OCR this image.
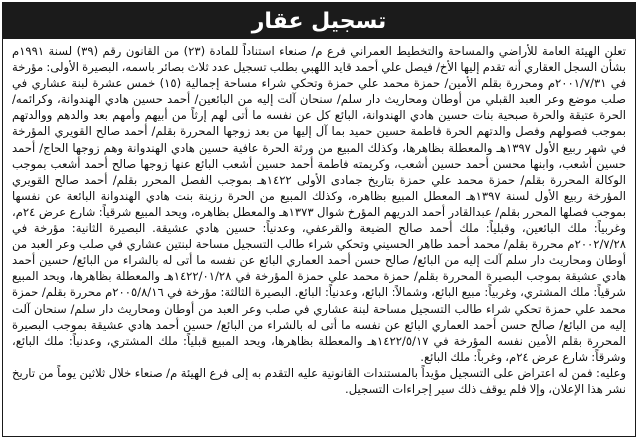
تسجيل عقار

تعلن الهيئة العامة للأراضي والمساحة والتخطيط العمراني فرع م/ صنعاء استناداً للمادة (٢٣) من القانون رقم (٣٩) لسنة ١٩٩١م بشأن السجل العقاري أنه تقدم إليها الأخ/ فيصل علي أحمد قايد اللهبي بطلب تسجيل عدد ثلاث بصائر باسمه، البصيرة الأولى: مؤرخة في ٢٠٠١/٧/٣١م ومحررة بقلم الأمين/ حمزة محمد علي حمزة وتحكي شراء مساحة إجمالية (١٥) خمس عشرة لبنة عشاري في صلب موضع وعر العبد القبلي من أوطان ومحاريث دار سلم/ سنحان آلت إليه من البائعين/ أحمد حسين هادي الهندوانة، وكرائمه/ الحرة عتيقة والحرة صبحية بنات حسين هادي الهندوانة، البائع كل عن نفسه ما أتى لهم إرثاً من أبيهم وأمهم بعد والدهم ووالدتهم بموجب فصولهم وفصل والدتهم الحرة فاطمة حسين حميد بما آل إليها من بعد زوجها المحررة بقلم/ أحمد صالح القويري المؤرخة في شهر ربيع الأول ١٣٩٧هـ والمعطلة بظاهرها، وكذلك المبيع من ورثة الحرة عافية حسين هادي الهندوانة وهم زوجها الحاج/ أحمد حسين أشعب، وابنها محسن أحمد حسين أشعب، وكريمته فاطمة أحمد حسين أشعب البائع عنها زوجها صالح أحمد أشعب بموجب الوكالة المحررة بقلم/ حمزة محمد علي حمزة بتاريخ جمادى الأولى ١٤٢٢هـ بموجب الفصل المحرر بقلم/ أحمد صالح القويري المؤرخة ربيع الأول لسنة ١٣٩٧هـ المعطل المبيع بظاهره، وكذلك المبيع من الحرة رزينة بنت هادي الهندوانة البائعة عن نفسها بموجب فصلها المحرر بقلم/ عبدالقادر أحمد الدريهم المؤرخ شوال ١٣٧٣هـ والمعطل بظاهره، ويحد المبيع شرقياً: شارع عرض ٢٤م، وغربياً: ملك البائعين، وقبلياً: ملك أحمد صالح الضيعة والقرعفي، وعدنياً: حسين هادي عشيقة. البصيرة الثانية: مؤرخة في ٢٠٠٢/٧/٢٨م محررة بقلم/ محمد أحمد طاهر الحسيني وتحكي شراء طالب التسجيل مساحة لبنتين عشاري في صلب وعر العبد من أوطان ومحاريث دار سلم آلت إليه من البائع/ صالح حسن أحمد العماري البائع عن نفسه ما أتى له بالشراء من البائع/ حسين أحمد هادي عشيقة بموجب البصيرة المحررة بقلم/ حمزة محمد علي حمزة المؤرخة في ١٤٢٢/٠١/٢٨هـ والمعطلة بظاهرها، ويحد المبيع شرقياً: ملك المشتري، وغربياً: مبيع البائع، وشمالاً: البائع، وعدنياً: البائع. البصيرة الثالثة: مؤرخة في ٢٠٠٥/٨/١٦م محررة بقلم/ حمزة محمد علي حمزة تحكي شراء طالب التسجيل مساحة لبنة عشاري في صلب وعر العبد من أوطان ومحاريث دار سلم/ سنحان آلت إليه من البائع/ صالح حسن أحمد العماري البائع عن نفسه ما أتى له بالشراء من البائع/ حسين أحمد هادي عشيقة بموجب البصيرة المحررة بقلم الأمين نفسه المؤرخة في ١٤٢٢/٥/١٧هـ والمعطلة بظاهرها، ويحد المبيع قبلياً: ملك المشتري، وعدنياً: ملك البائع، وشرقاً: شارع عرض ٢٤م، وغرباً: ملك البائع.

وعليه: فمن له اعتراض على التسجيل مؤيداً بالمستندات القانونية عليه التقدم به إلى فرع الهيئة م/ صنعاء خلال ثلاثين يوماً من تاريخ نشر هذا الإعلان، وإلا فلم يوقف ذلك سير إجراءات التسجيل.
